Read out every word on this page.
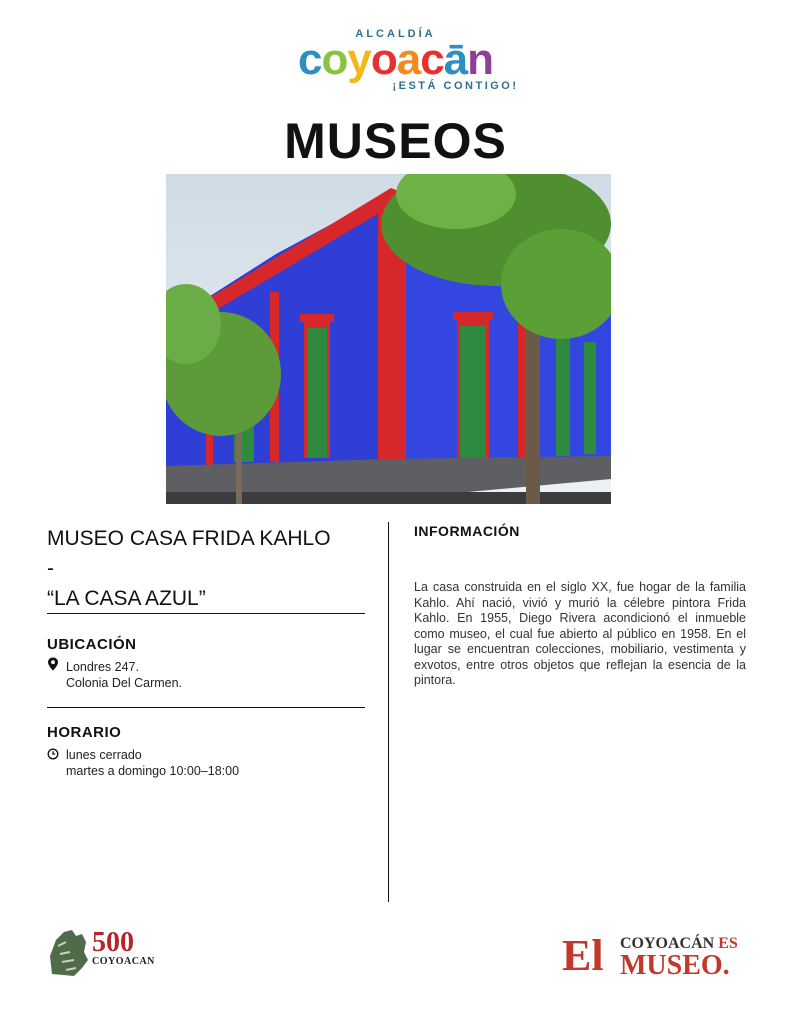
ALCALDÍA
coyoacān
¡ESTÁ CONTIGO!
MUSEOS
MUSEO CASA FRIDA KAHLO
-
“LA CASA AZUL”
UBICACIÓN
Londres 247.
Colonia Del Carmen.
HORARIO
lunes cerrado
martes a domingo 10:00–18:00
INFORMACIÓN

La casa construida en el siglo XX, fue hogar de la familia Kahlo. Ahí nació, vivió y murió la célebre pintora Frida Kahlo. En 1955, Diego Rivera acondicionó el inmueble como museo, el cual fue abierto al público en 1958. En el lugar se encuentran colecciones, mobiliario, vestimenta y exvotos, entre otros objetos que reflejan la esencia de la pintora.

500
COYOACAN	El COYOACÁN ES
MUSEO.
